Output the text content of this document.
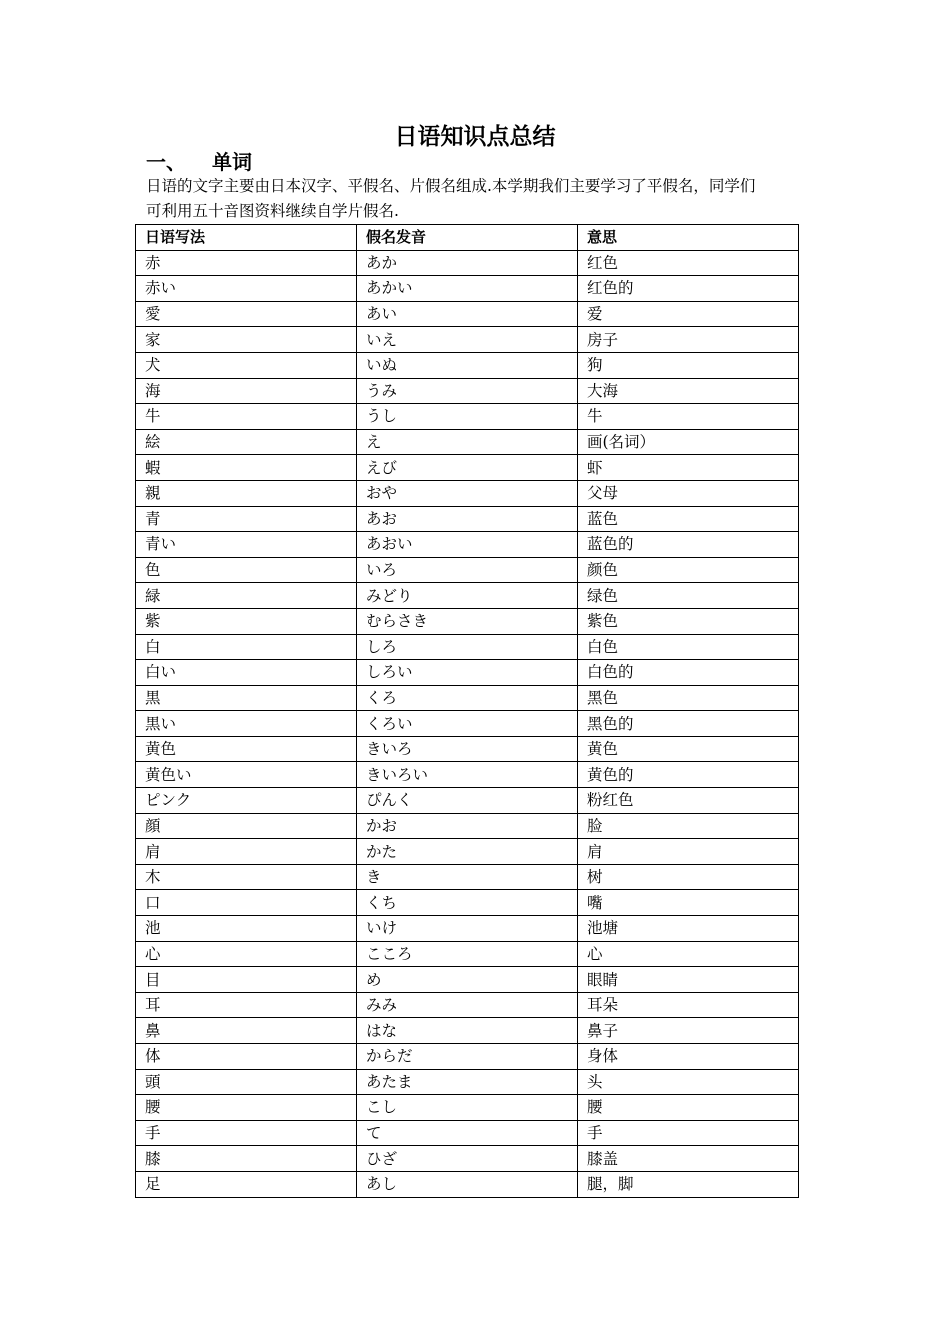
日语知识点总结
一、 单词

日语的文字主要由日本汉字、平假名、片假名组成.本学期我们主要学习了平假名，同学们

可利用五十音图资料继续自学片假名.

日语写法	假名发音	意思
赤	あか	红色
赤い	あかい	红色的
愛	あい	爱
家	いえ	房子
犬	いぬ	狗
海	うみ	大海
牛	うし	牛
絵	え	画(名词）
蝦	えび	虾
親	おや	父母
青	あお	蓝色
青い	あおい	蓝色的
色	いろ	颜色
緑	みどり	绿色
紫	むらさき	紫色
白	しろ	白色
白い	しろい	白色的
黒	くろ	黑色
黒い	くろい	黑色的
黄色	きいろ	黄色
黄色い	きいろい	黄色的
ピンク	ぴんく	粉红色
顔	かお	脸
肩	かた	肩
木	き	树
口	くち	嘴
池	いけ	池塘
心	こころ	心
目	め	眼睛
耳	みみ	耳朵
鼻	はな	鼻子
体	からだ	身体
頭	あたま	头
腰	こし	腰
手	て	手
膝	ひざ	膝盖
足	あし	腿，脚
